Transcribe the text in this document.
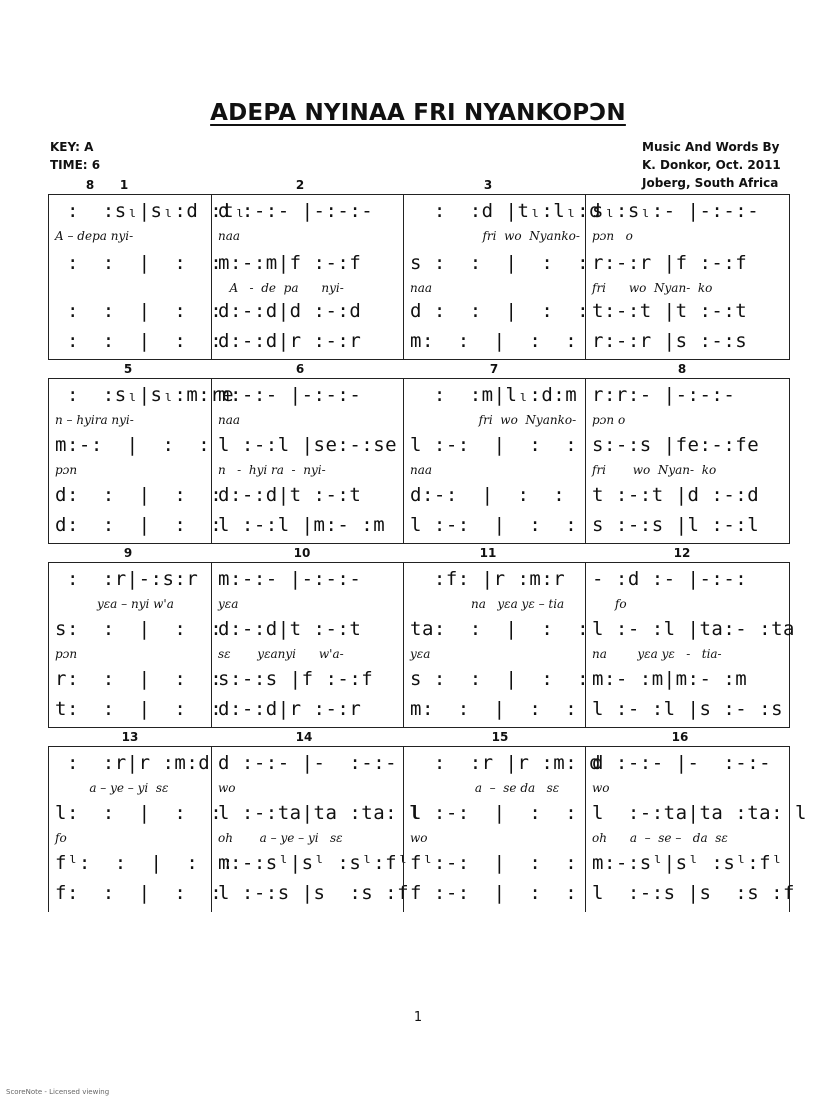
ADEPA NYINAA FRI NYANKOPƆN
KEY: A
TIME: 6
Music And Words By
K. Donkor, Oct. 2011
Joberg, South Africa
8 1	2	3
:  :sₗ|sₗ:d :tₗ
A – depa nyi-
:  :  |  :  :
:  :  |  :  :
:  :  |  :  :
d :-:- |-:-:-
naa
m:-:m|f :-:f
A   -  de  pa      nyi-
d:-:d|d :-:d
d:-:d|r :-:r
:  :d |tₗ:lₗ:d
fri  wo  Nyanko-
s :  :  |  :  :
naa
d :  :  |  :  :
m:  :  |  :  :
sₗ:sₗ:- |-:-:-
pɔn   o
r:-:r |f :-:f
fri      wo  Nyan-  ko
t:-:t |t :-:t
r:-:r |s :-:s
5	6	7	8
:  :sₗ|sₗ:m:re
n – hyira nyi-
m:-:  |  :  :
pɔn
d:  :  |  :  :
d:  :  |  :  :
m:-:- |-:-:-
naa
l :-:l |se:-:se
n   -  hyi ra  -  nyi-
d:-:d|t :-:t
l :-:l |m:- :m
:  :m|lₗ:d:m
fri  wo  Nyanko-
l :-:  |  :  :
naa
d:-:  |  :  :
l :-:  |  :  :
r:r:- |-:-:-
pɔn o
s:-:s |fe:-:fe
fri       wo  Nyan-  ko
t :-:t |d :-:d
s :-:s |l :-:l
9	10	11	12
:  :r|-:s:r
yɛa – nyi w'a
s:  :  |  :  :
pɔn
r:  :  |  :  :
t:  :  |  :  :
m:-:- |-:-:-
yɛa
d:-:d|t :-:t
sɛ       yɛanyi      w'a-
s:-:s |f :-:f
d:-:d|r :-:r
:f: |r :m:r
na   yɛa yɛ – tia
ta:  :  |  :  :
yɛa
s :  :  |  :  :
m:  :  |  :  :
- :d :- |-:-:
fo
l :- :l |ta:- :ta
na        yɛa yɛ   -   tia-
m:- :m|m:- :m
l :- :l |s :- :s
13	14	15	16
:  :r|r :m:d
a – ye – yi  sɛ
l:  :  |  :  :
fo
fˡ:  :  |  :  :
f:  :  |  :  :
d :-:- |-  :-:-
wo
l :-:ta|ta :ta: l
oh       a – ye – yi   sɛ
m:-:sˡ|sˡ :sˡ:fˡ
l :-:s |s  :s :f
:  :r |r :m: d
a  –  se da   sɛ
l :-:  |  :  :
wo
fˡ:-:  |  :  :
f :-:  |  :  :
d :-:- |-  :-:-
wo
l  :-:ta|ta :ta: l
oh      a  –  se –   da  sɛ
m:-:sˡ|sˡ :sˡ:fˡ
l  :-:s |s  :s :f
1
ScoreNote - Licensed viewing
